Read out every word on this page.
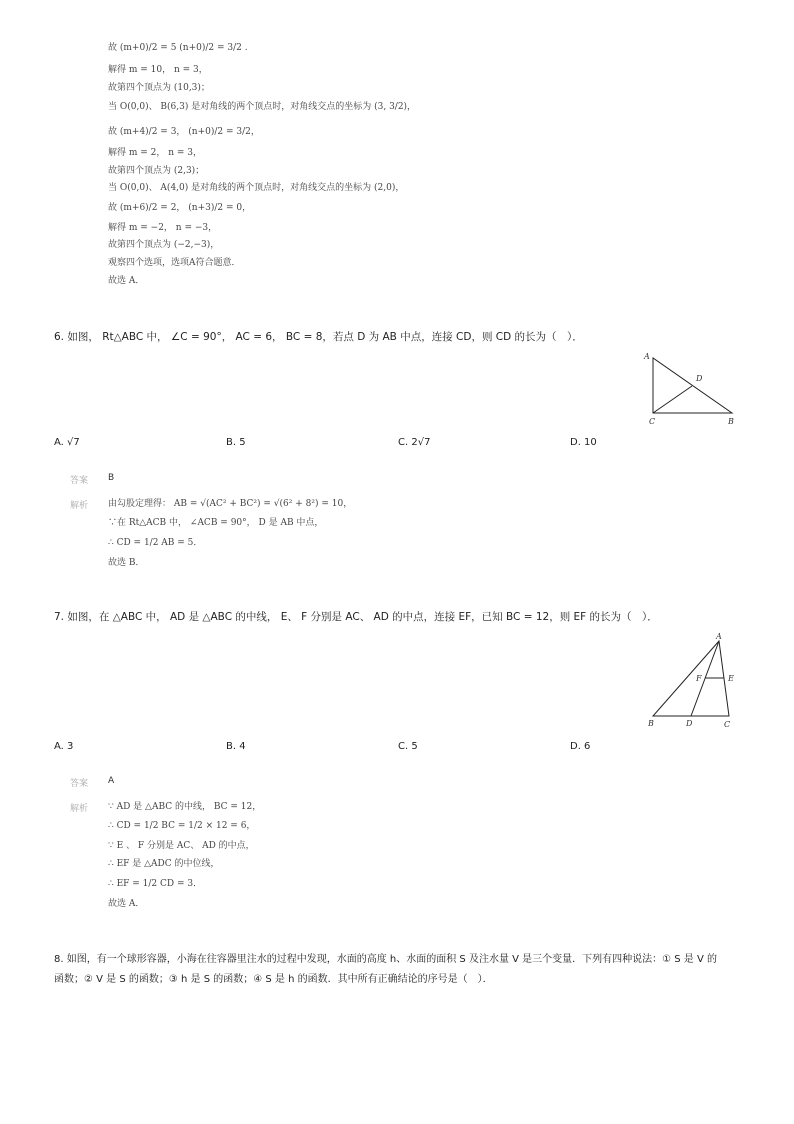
故 (m+0)/2 = 5 (n+0)/2 = 3/2 .
解得 m = 10， n = 3，
故第四个顶点为 (10,3)；
当 O(0,0)、 B(6,3) 是对角线的两个顶点时，对角线交点的坐标为 (3, 3/2)，
故 (m+4)/2 = 3， (n+0)/2 = 3/2，
解得 m = 2， n = 3，
故第四个顶点为 (2,3)；
当 O(0,0)、 A(4,0) 是对角线的两个顶点时，对角线交点的坐标为 (2,0)，
故 (m+6)/2 = 2， (n+3)/2 = 0，
解得 m = −2， n = −3，
故第四个顶点为 (−2,−3)，
观察四个选项，选项A符合题意．
故选 A．
6. 如图， Rt△ABC 中， ∠C = 90°， AC = 6， BC = 8，若点 D 为 AB 中点，连接 CD，则 CD 的长为（　）．
A
D
C	B
A. √7	B. 5	C. 2√7	D. 10
答案 B
解析 由勾股定理得： AB = √(AC² + BC²) = √(6² + 8²) = 10，
∵在 Rt△ACB 中， ∠ACB = 90°， D 是 AB 中点，
∴ CD = 1/2 AB = 5．
故选 B．
7. 如图，在 △ABC 中， AD 是 △ABC 的中线， E、 F 分别是 AC、 AD 的中点，连接 EF，已知 BC = 12，则 EF 的长为（　）．
A
F	E
B	D	C
A. 3	B. 4	C. 5	D. 6
答案 A
解析 ∵ AD 是 △ABC 的中线， BC = 12，
∴ CD = 1/2 BC = 1/2 × 12 = 6，
∵ E 、 F 分别是 AC、 AD 的中点，
∴ EF 是 △ADC 的中位线，
∴ EF = 1/2 CD = 3．
故选 A．
8. 如图，有一个球形容器，小海在往容器里注水的过程中发现，水面的高度 h、水面的面积 S 及注水量 V 是三个变量．下列有四种说法：① S 是 V 的
函数；② V 是 S 的函数；③ h 是 S 的函数；④ S 是 h 的函数．其中所有正确结论的序号是（　）．
